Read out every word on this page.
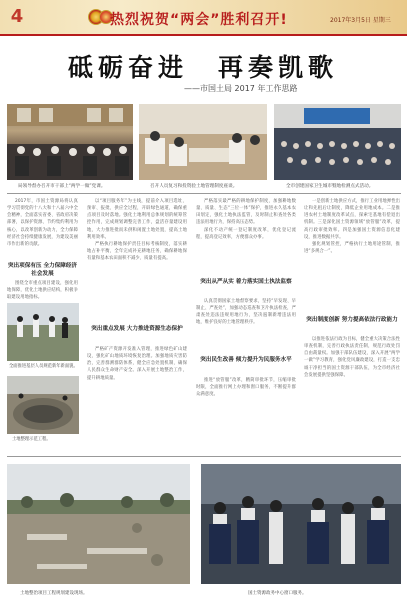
4	热烈祝贺“两会”胜利召开!	2017年3月5日 星期三
砥砺奋进　再奏凯歌
——市国土局 2017 年工作思路
局领导督办召开市干部上“两学一做”党课。	召开人员复习和投资验土地管理制度座谈。	全市创建国家卫生城市暨地检测点式活动。

2017年，市国土资源局将认真学习贯彻党的十八大和十八届六中全会精神，全面落实省委、省政府决策部署，以保护资源、节约集约利用为核心，以改革创新为动力，全力保障经济社会持续健康发展，为建设美丽市作出新的贡献。

突出项保有压 全力保障经济社会发展

围绕全市重点项目建设，强化用地保障，优化土地供应结构，积极争取建设用地指标。

全面推进基层人员规范新年新面貌。
土地整理示范工程。

以“项目服务年”为主线，提前介入项目选址、预审、报批、供应全过程，开辟绿色通道，确保重点项目及时落地。强化土地利用总体规划的统筹管控作用，完成规划调整完善工作，盘活存量建设用地，大力推进批而未供和闲置土地处置，提高土地利用效率。

严格执行耕地保护责任目标考核制度，落实耕地占补平衡，全年完成补充耕地任务，确保耕地保有量和基本农田面积不减少、质量有提高。

突出重点发展 大力推进资源生态保护

严格矿产资源开发准入管理，推进绿色矿山建设，强化矿山地质环境恢复治理。加强地质灾害防治，完善群测群防体系，健全应急处置机制，确保人民群众生命财产安全。深入开展土地整治工作，提升耕地质量。

严格落实最严格的耕地保护制度，加强耕地数量、质量、生态“三位一体”保护，推进永久基本农田划定，强化土地执法监管，及时制止和查处各类违法用地行为，保持高压态势。

深化不动产统一登记制度改革，优化登记流程，提高登记效率，方便群众办事。

突出从严从实 着力落实国土执法监察

认真贯彻国家土地督察要求，坚持“早发现、早制止、严查处”，加强动态巡查和卫片执法检查，严肃查处违法违规用地行为，坚决遏制新增违法用地，维护良好的土地管理秩序。

突出民生改善 倾力提升为民服务水平

推进“放管服”改革，精简审批环节，压缩审批时限，全面推行网上办理和窗口服务，不断提升群众满意度。

一是创新土地供应方式，推行工业用地弹性出让和先租后让制度，降低企业用地成本。二是推进农村土地制度改革试点，探索宅基地有偿退出机制。三是深化国土资源领域“放管服”改革，提高行政审批效率。四是加强国土资源信息化建设，推进数据共享。

强化规划管控，严格执行土地用途管制，推进“多规合一”。

突出制度创新 努力提高依法行政能力

以推进依法行政为目标，健全重大决策合法性审查机制，完善行政执法责任制，规范行政处罚自由裁量权。加强干部队伍建设，深入开展“两学一做”学习教育，强化党风廉政建设，打造一支忠诚干净担当的国土资源干部队伍，为全市经济社会发展提供坚强保障。

土地整治项目工程规划建设现场。	国土资源政务中心窗口服务。
